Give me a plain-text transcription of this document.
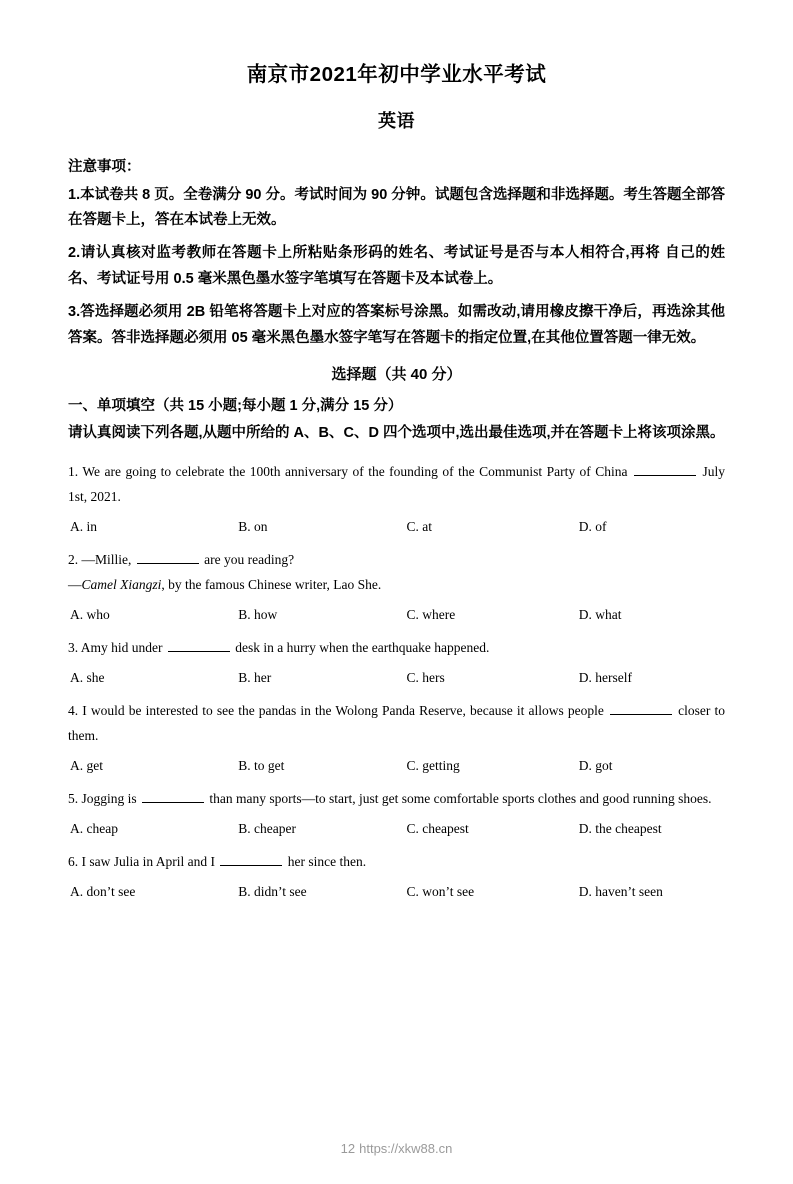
南京市2021年初中学业水平考试
英语
注意事项：
1.本试卷共 8 页。全卷满分 90 分。考试时间为 90 分钟。试题包含选择题和非选择题。考生答题全部答在答题卡上，答在本试卷上无效。
2.请认真核对监考教师在答题卡上所粘贴条形码的姓名、考试证号是否与本人相符合,再将 自己的姓名、考试证号用 0.5 毫米黑色墨水签字笔填写在答题卡及本试卷上。
3.答选择题必须用 2B 铅笔将答题卡上对应的答案标号涂黑。如需改动,请用橡皮擦干净后，再选涂其他答案。答非选择题必须用 05 毫米黑色墨水签字笔写在答题卡的指定位置,在其他位置答题一律无效。
选择题（共 40 分）
一、单项填空（共 15 小题;每小题 1 分,满分 15 分）
请认真阅读下列各题,从题中所给的 A、B、C、D 四个选项中,选出最佳选项,并在答题卡上将该项涂黑。
1. We are going to celebrate the 100th anniversary of the founding of the Communist Party of China	July 1st, 2021.
A. in	B. on	C. at	D. of
2. —Millie,	are you reading?
—Camel Xiangzi, by the famous Chinese writer, Lao She.
A. who	B. how	C. where	D. what
3. Amy hid under	desk in a hurry when the earthquake happened.
A. she	B. her	C. hers	D. herself
4. I would be interested to see the pandas in the Wolong Panda Reserve, because it allows people	closer to them.
A. get	B. to get	C. getting	D. got
5. Jogging is	than many sports—to start, just get some comfortable sports clothes and good running shoes.
A. cheap	B. cheaper	C. cheapest	D. the cheapest
6. I saw Julia in April and I	her since then.
A. don’t see	B. didn’t see	C. won’t see	D. haven’t seen
12 https://xkw88.cn
